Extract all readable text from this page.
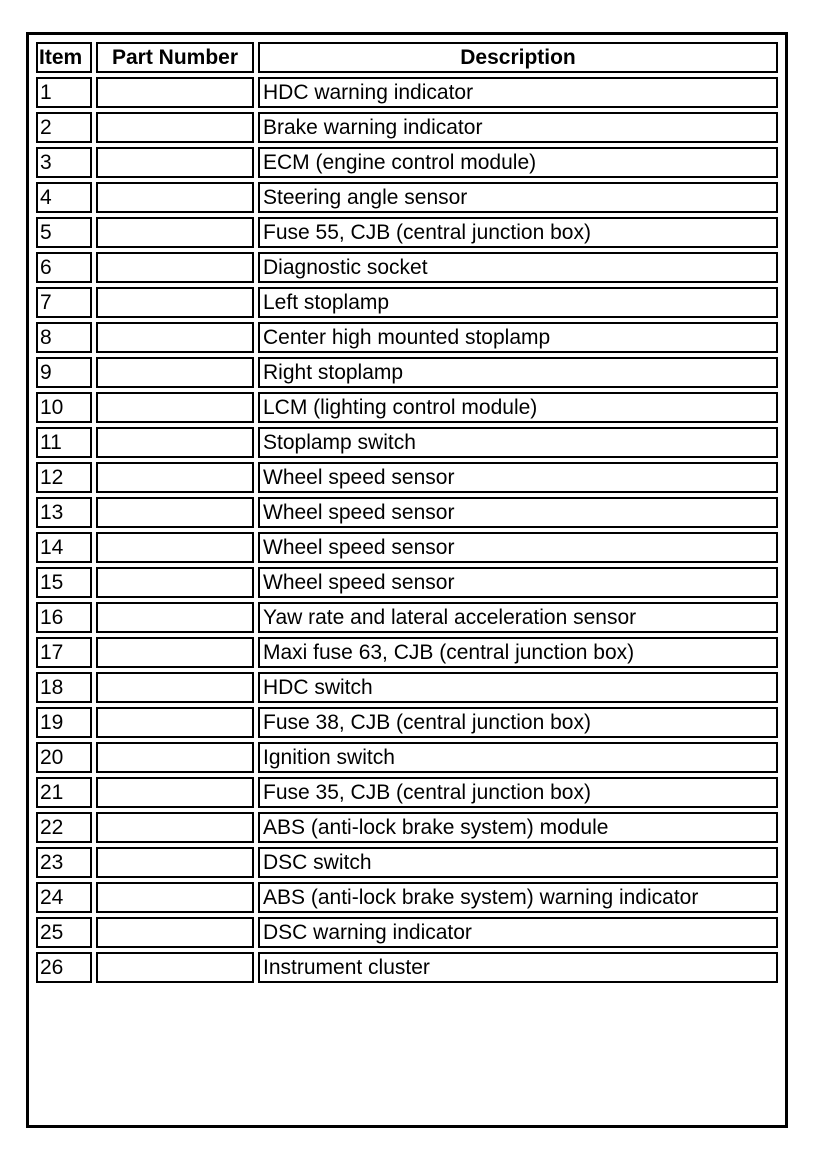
Item	Part Number	Description
1		HDC warning indicator
2		Brake warning indicator
3		ECM (engine control module)
4		Steering angle sensor
5		Fuse 55, CJB (central junction box)
6		Diagnostic socket
7		Left stoplamp
8		Center high mounted stoplamp
9		Right stoplamp
10		LCM (lighting control module)
11		Stoplamp switch
12		Wheel speed sensor
13		Wheel speed sensor
14		Wheel speed sensor
15		Wheel speed sensor
16		Yaw rate and lateral acceleration sensor
17		Maxi fuse 63, CJB (central junction box)
18		HDC switch
19		Fuse 38, CJB (central junction box)
20		Ignition switch
21		Fuse 35, CJB (central junction box)
22		ABS (anti-lock brake system) module
23		DSC switch
24		ABS (anti-lock brake system) warning indicator
25		DSC warning indicator
26		Instrument cluster
